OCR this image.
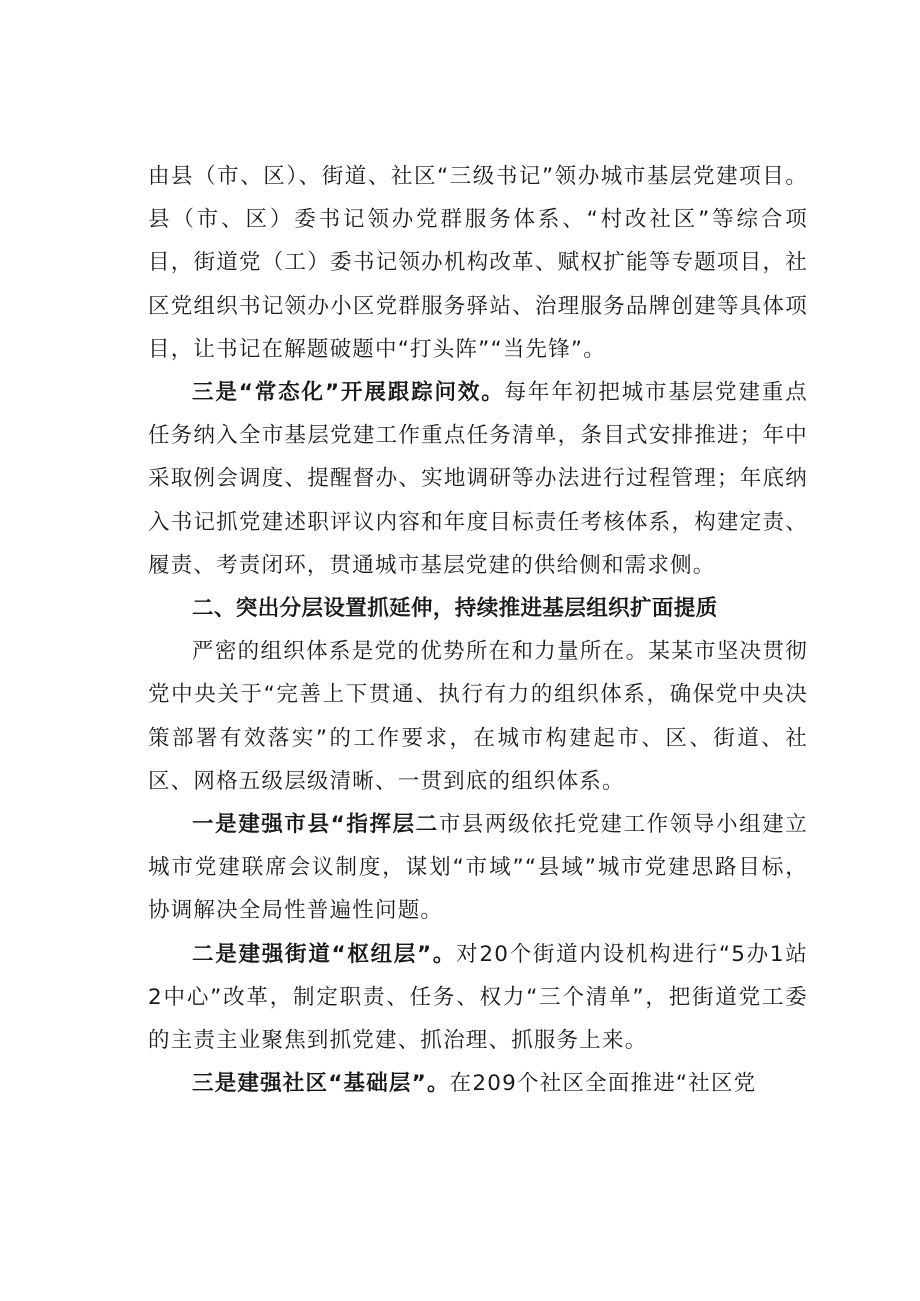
由县（市、区）、街道、社区“三级书记”领办城市基层党建项目。县（市、区）委书记领办党群服务体系、“村改社区”等综合项目，街道党（工）委书记领办机构改革、赋权扩能等专题项目，社区党组织书记领办小区党群服务驿站、治理服务品牌创建等具体项目，让书记在解题破题中“打头阵”“当先锋”。

三是“常态化”开展跟踪问效。每年年初把城市基层党建重点任务纳入全市基层党建工作重点任务清单，条目式安排推进；年中采取例会调度、提醒督办、实地调研等办法进行过程管理；年底纳入书记抓党建述职评议内容和年度目标责任考核体系，构建定责、履责、考责闭环，贯通城市基层党建的供给侧和需求侧。

二、突出分层设置抓延伸，持续推进基层组织扩面提质

严密的组织体系是党的优势所在和力量所在。某某市坚决贯彻党中央关于“完善上下贯通、执行有力的组织体系，确保党中央决策部署有效落实”的工作要求，在城市构建起市、区、街道、社区、网格五级层级清晰、一贯到底的组织体系。

一是建强市县“指挥层二市县两级依托党建工作领导小组建立城市党建联席会议制度，谋划“市域”“县域”城市党建思路目标，协调解决全局性普遍性问题。

二是建强街道“枢纽层”。对20个街道内设机构进行“5办1站2中心”改革，制定职责、任务、权力“三个清单”，把街道党工委的主责主业聚焦到抓党建、抓治理、抓服务上来。

三是建强社区“基础层”。在209个社区全面推进“社区党
